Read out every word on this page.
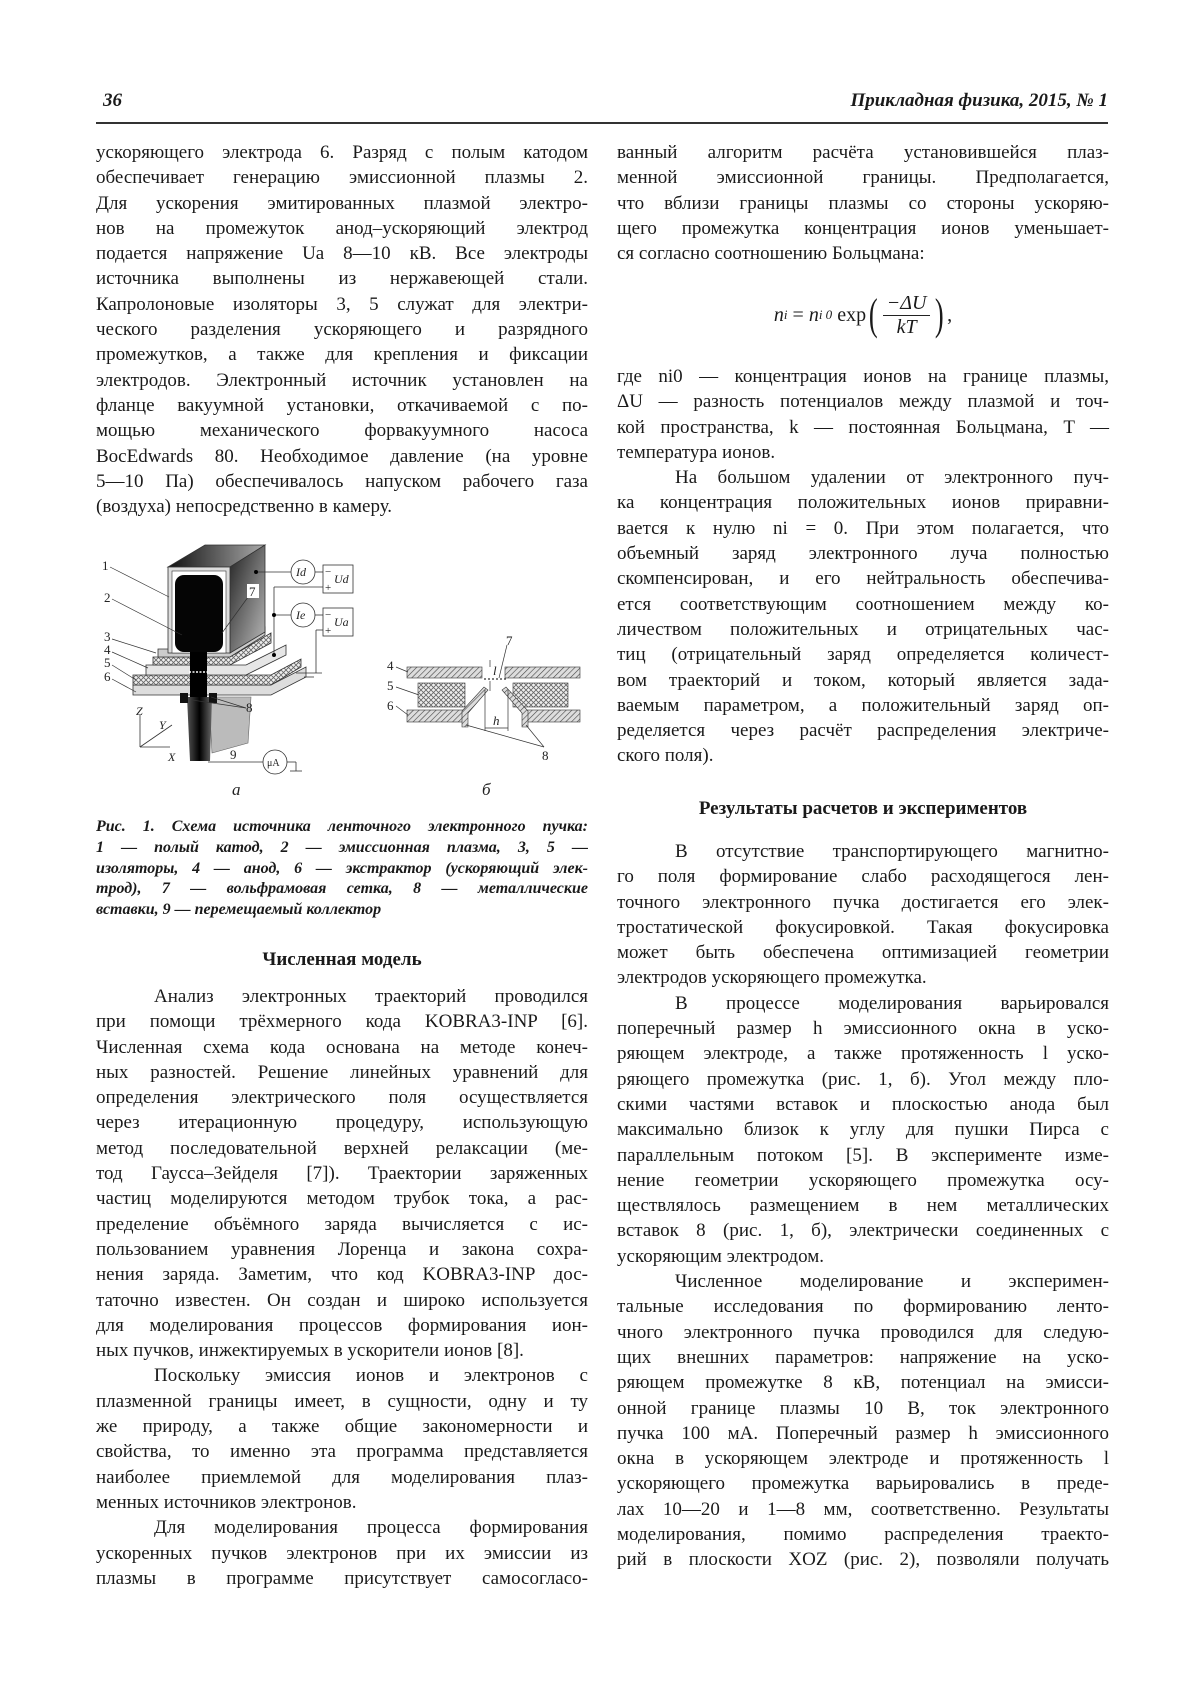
36	Прикладная физика, 2015, № 1
ускоряющего электрода 6. Разряд с полым катодом
обеспечивает генерацию эмиссионной плазмы 2.
Для ускорения эмитированных плазмой электро-
нов на промежуток анод–ускоряющий электрод
подается напряжение Ua 8—10 кВ. Все электроды
источника выполнены из нержавеющей стали.
Капролоновые изоляторы 3, 5 служат для электри-
ческого разделения ускоряющего и разрядного
промежутков, а также для крепления и фиксации
электродов. Электронный источник установлен на
фланце вакуумной установки, откачиваемой с по-
мощью механического форвакуумного насоса
BocEdwards 80. Необходимое давление (на уровне
5—10 Па) обеспечивалось напуском рабочего газа
(воздуха) непосредственно в камеру.
1
2
3
4
5
6
7
8
9
Id
Ie
Ud
Ua
μA
Z
Y
X
−
+
−
+
а
4
5
6
7
8
l
h
б
Рис. 1. Схема источника ленточного электронного пучка:
1 — полый катод, 2 — эмиссионная плазма, 3, 5 —
изоляторы, 4 — анод, 6 — экстрактор (ускоряющий элек-
трод), 7 — вольфрамовая сетка, 8 — металлические
вставки, 9 — перемещаемый коллектор
Численная модель
Анализ электронных траекторий проводился
при помощи трёхмерного кода KOBRA3-INP [6].
Численная схема кода основана на методе конеч-
ных разностей. Решение линейных уравнений для
определения электрического поля осуществляется
через итерационную процедуру, использующую
метод последовательной верхней релаксации (ме-
тод Гаусса–Зейделя [7]). Траектории заряженных
частиц моделируются методом трубок тока, а рас-
пределение объёмного заряда вычисляется с ис-
пользованием уравнения Лоренца и закона сохра-
нения заряда. Заметим, что код KOBRA3-INP дос-
таточно известен. Он создан и широко используется
для моделирования процессов формирования ион-
ных пучков, инжектируемых в ускорители ионов [8].
Поскольку эмиссия ионов и электронов с
плазменной границы имеет, в сущности, одну и ту
же природу, а также общие закономерности и
свойства, то именно эта программа представляется
наиболее приемлемой для моделирования плаз-
менных источников электронов.
Для моделирования процесса формирования
ускоренных пучков электронов при их эмиссии из
плазмы в программе присутствует самосогласо-
ванный алгоритм расчёта установившейся плаз-
менной эмиссионной границы. Предполагается,
что вблизи границы плазмы со стороны ускоряю-
щего промежутка концентрация ионов уменьшает-
ся согласно соотношению Больцмана:
n i = n i 0 exp ( $\frac{-\Delta U}{kT}$ ) ,
где ni0 — концентрация ионов на границе плазмы,
ΔU — разность потенциалов между плазмой и точ-
кой пространства, k — постоянная Больцмана, T —
температура ионов.
На большом удалении от электронного пуч-
ка концентрация положительных ионов приравни-
вается к нулю ni = 0. При этом полагается, что
объемный заряд электронного луча полностью
скомпенсирован, и его нейтральность обеспечива-
ется соответствующим соотношением между ко-
личеством положительных и отрицательных час-
тиц (отрицательный заряд определяется количест-
вом траекторий и током, который является зада-
ваемым параметром, а положительный заряд оп-
ределяется через расчёт распределения электриче-
ского поля).
Результаты расчетов и экспериментов
В отсутствие транспортирующего магнитно-
го поля формирование слабо расходящегося лен-
точного электронного пучка достигается его элек-
тростатической фокусировкой. Такая фокусировка
может быть обеспечена оптимизацией геометрии
электродов ускоряющего промежутка.
В процессе моделирования варьировался
поперечный размер h эмиссионного окна в уско-
ряющем электроде, а также протяженность l уско-
ряющего промежутка (рис. 1, б). Угол между пло-
скими частями вставок и плоскостью анода был
максимально близок к углу для пушки Пирса с
параллельным потоком [5]. В эксперименте изме-
нение геометрии ускоряющего промежутка осу-
ществлялось размещением в нем металлических
вставок 8 (рис. 1, б), электрически соединенных с
ускоряющим электродом.
Численное моделирование и эксперимен-
тальные исследования по формированию ленто-
чного электронного пучка проводился для следую-
щих внешних параметров: напряжение на уско-
ряющем промежутке 8 кВ, потенциал на эмисси-
онной границе плазмы 10 В, ток электронного
пучка 100 мА. Поперечный размер h эмиссионного
окна в ускоряющем электроде и протяженность l
ускоряющего промежутка варьировались в преде-
лах 10—20 и 1—8 мм, соответственно. Результаты
моделирования, помимо распределения траекто-
рий в плоскости XOZ (рис. 2), позволяли получать
